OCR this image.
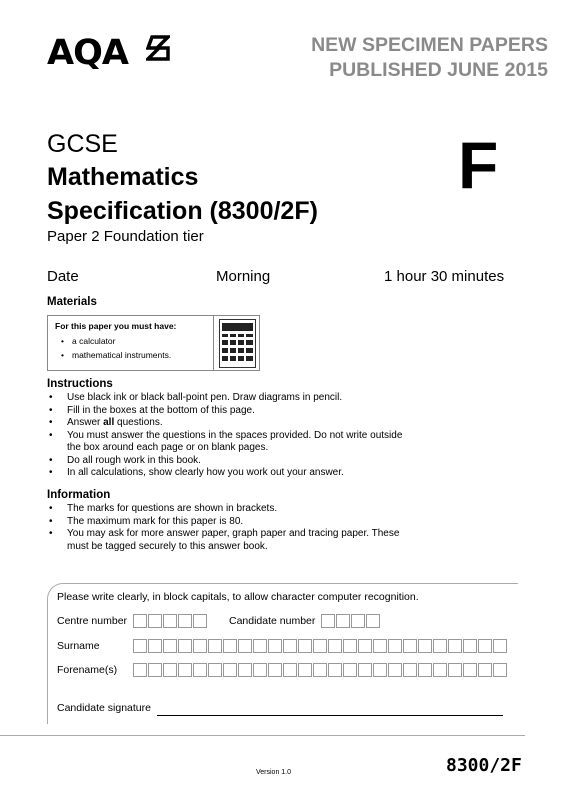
AQA	NEW SPECIMEN PAPERS
PUBLISHED JUNE 2015
GCSE
Mathematics
Specification (8300/2F)
F
Paper 2 Foundation tier
Date	Morning	1 hour 30 minutes
Materials
For this paper you must have:
• a calculator
• mathematical instruments.
Instructions
• Use black ink or black ball-point pen. Draw diagrams in pencil.
• Fill in the boxes at the bottom of this page.
• Answer all questions.
• You must answer the questions in the spaces provided. Do not write outside the box around each page or on blank pages.
• Do all rough work in this book.
• In all calculations, show clearly how you work out your answer.
Information
• The marks for questions are shown in brackets.
• The maximum mark for this paper is 80.
• You may ask for more answer paper, graph paper and tracing paper. These must be tagged securely to this answer book.
Please write clearly, in block capitals, to allow character computer recognition.
Centre number	Candidate number
Surname
Forename(s)
Candidate signature
Version 1.0	8300/2F
